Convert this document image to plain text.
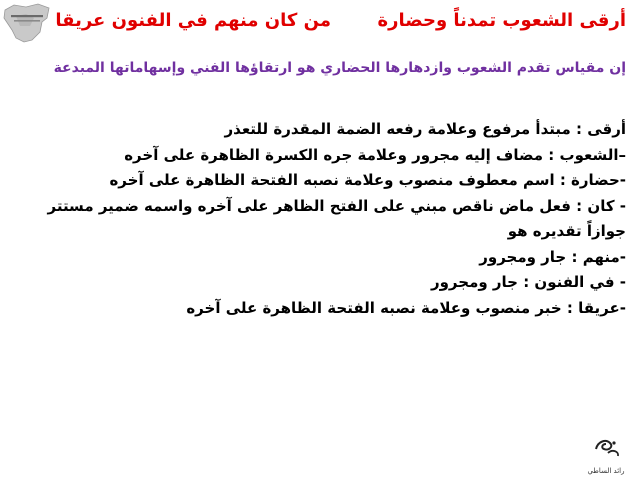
أرقى الشعوب تمدناً وحضارة
من كان منهم في الفنون عريقا
إن مقياس تقدم الشعوب وازدهارها الحضاري هو ارتقاؤها الفني وإسهاماتها المبدعة
أرقى : مبتدأ مرفوع وعلامة رفعه الضمة المقدرة للتعذر
–الشعوب : مضاف إليه مجرور وعلامة جره الكسرة الظاهرة على آخره
-حضارة : اسم معطوف منصوب وعلامة نصبه الفتحة الظاهرة على آخره
- كان : فعل ماض ناقص مبني على الفتح الظاهر على آخره واسمه ضمير مستتر جوازاً تقديره هو
-منهم : جار ومجرور
- في الفنون : جار ومجرور
-عريقا : خبر منصوب وعلامة نصبه الفتحة الظاهرة على آخره
رائد الساطي
